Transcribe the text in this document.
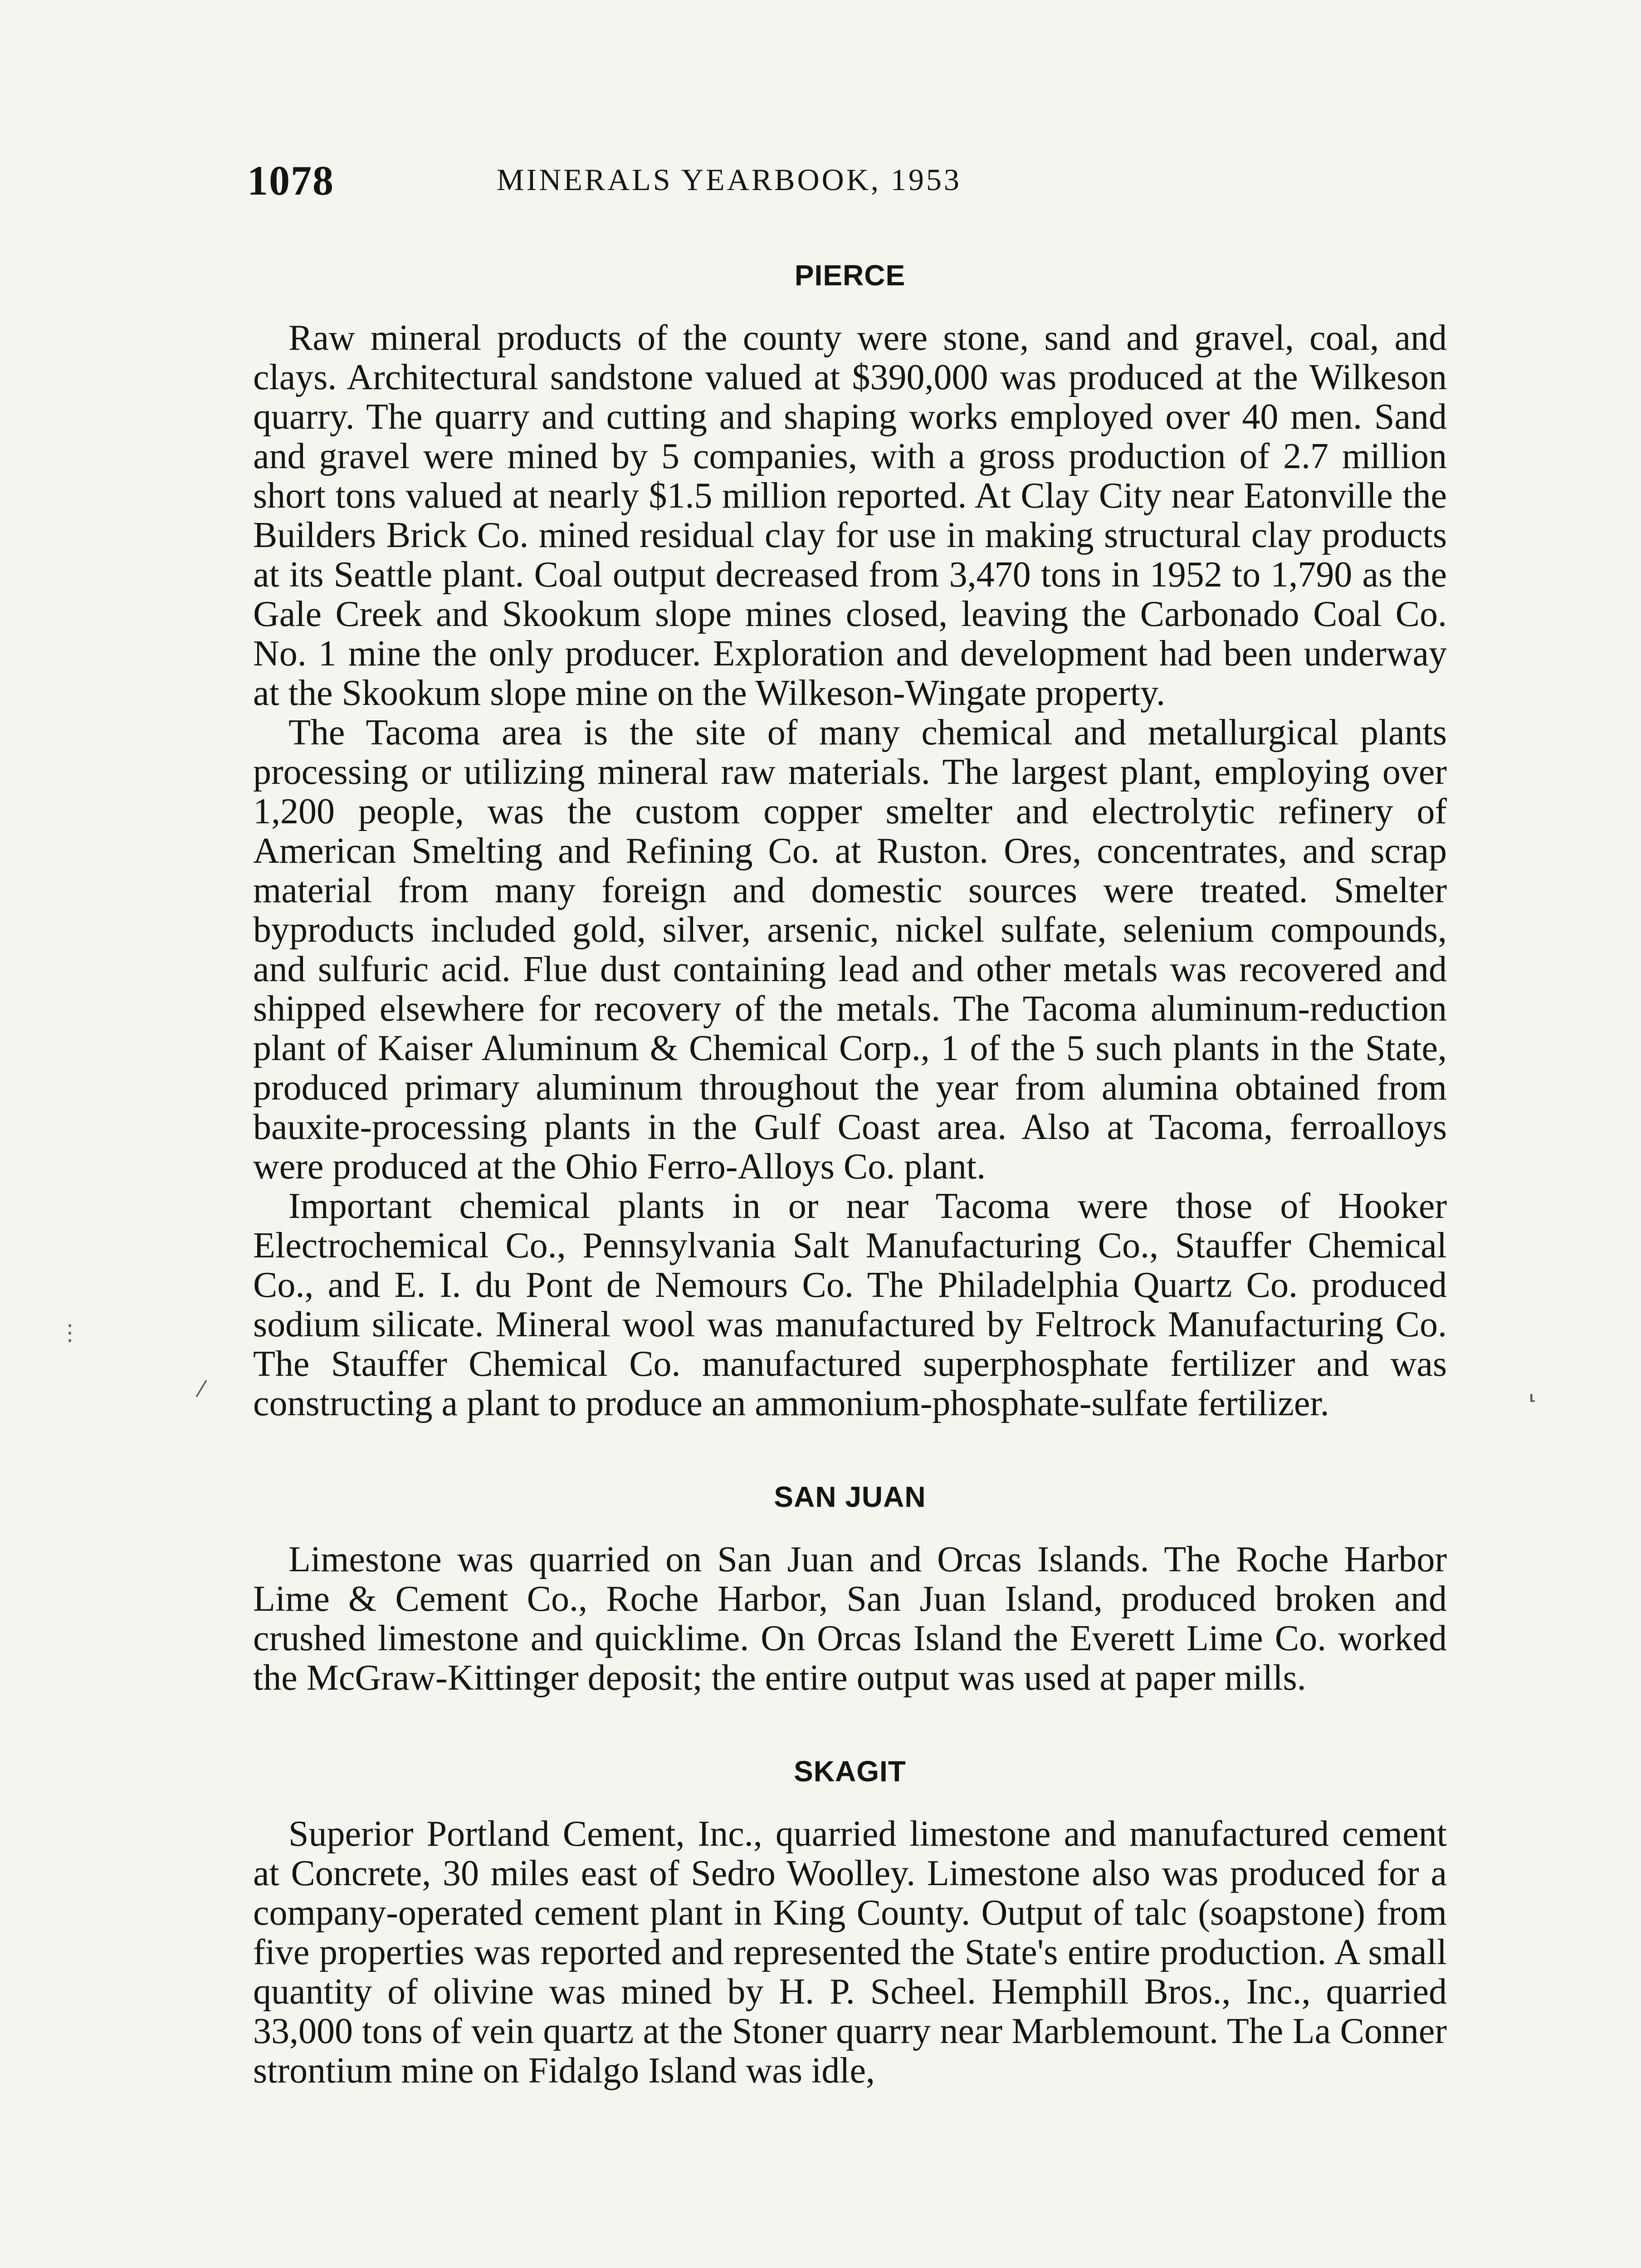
1078	MINERALS YEARBOOK, 1953
PIERCE

Raw mineral products of the county were stone, sand and gravel, coal, and clays. Architectural sandstone valued at $390,000 was produced at the Wilkeson quarry. The quarry and cutting and shaping works employed over 40 men. Sand and gravel were mined by 5 companies, with a gross production of 2.7 million short tons valued at nearly $1.5 million reported. At Clay City near Eatonville the Builders Brick Co. mined residual clay for use in making structural clay products at its Seattle plant. Coal output decreased from 3,470 tons in 1952 to 1,790 as the Gale Creek and Skookum slope mines closed, leaving the Carbonado Coal Co. No. 1 mine the only producer. Exploration and development had been underway at the Skookum slope mine on the Wilkeson-Wingate property.

The Tacoma area is the site of many chemical and metallurgical plants processing or utilizing mineral raw materials. The largest plant, employing over 1,200 people, was the custom copper smelter and electrolytic refinery of American Smelting and Refining Co. at Ruston. Ores, concentrates, and scrap material from many foreign and domestic sources were treated. Smelter byproducts included gold, silver, arsenic, nickel sulfate, selenium compounds, and sulfuric acid. Flue dust containing lead and other metals was recovered and shipped elsewhere for recovery of the metals. The Tacoma aluminum-reduction plant of Kaiser Aluminum & Chemical Corp., 1 of the 5 such plants in the State, produced primary aluminum throughout the year from alumina obtained from bauxite-processing plants in the Gulf Coast area. Also at Tacoma, ferroalloys were produced at the Ohio Ferro-Alloys Co. plant.

Important chemical plants in or near Tacoma were those of Hooker Electrochemical Co., Pennsylvania Salt Manufacturing Co., Stauffer Chemical Co., and E. I. du Pont de Nemours Co. The Philadelphia Quartz Co. produced sodium silicate. Mineral wool was manufactured by Feltrock Manufacturing Co. The Stauffer Chemical Co. manufactured superphosphate fertilizer and was constructing a plant to produce an ammonium-phosphate-sulfate fertilizer.

SAN JUAN

Limestone was quarried on San Juan and Orcas Islands. The Roche Harbor Lime & Cement Co., Roche Harbor, San Juan Island, produced broken and crushed limestone and quicklime. On Orcas Island the Everett Lime Co. worked the McGraw-Kittinger deposit; the entire output was used at paper mills.

SKAGIT

Superior Portland Cement, Inc., quarried limestone and manufactured cement at Concrete, 30 miles east of Sedro Woolley. Limestone also was produced for a company-operated cement plant in King County. Output of talc (soapstone) from five properties was reported and represented the State's entire production. A small quantity of olivine was mined by H. P. Scheel. Hemphill Bros., Inc., quarried 33,000 tons of vein quartz at the Stoner quarry near Marblemount. The La Conner strontium mine on Fidalgo Island was idle,

⋮
⁄	⸤
